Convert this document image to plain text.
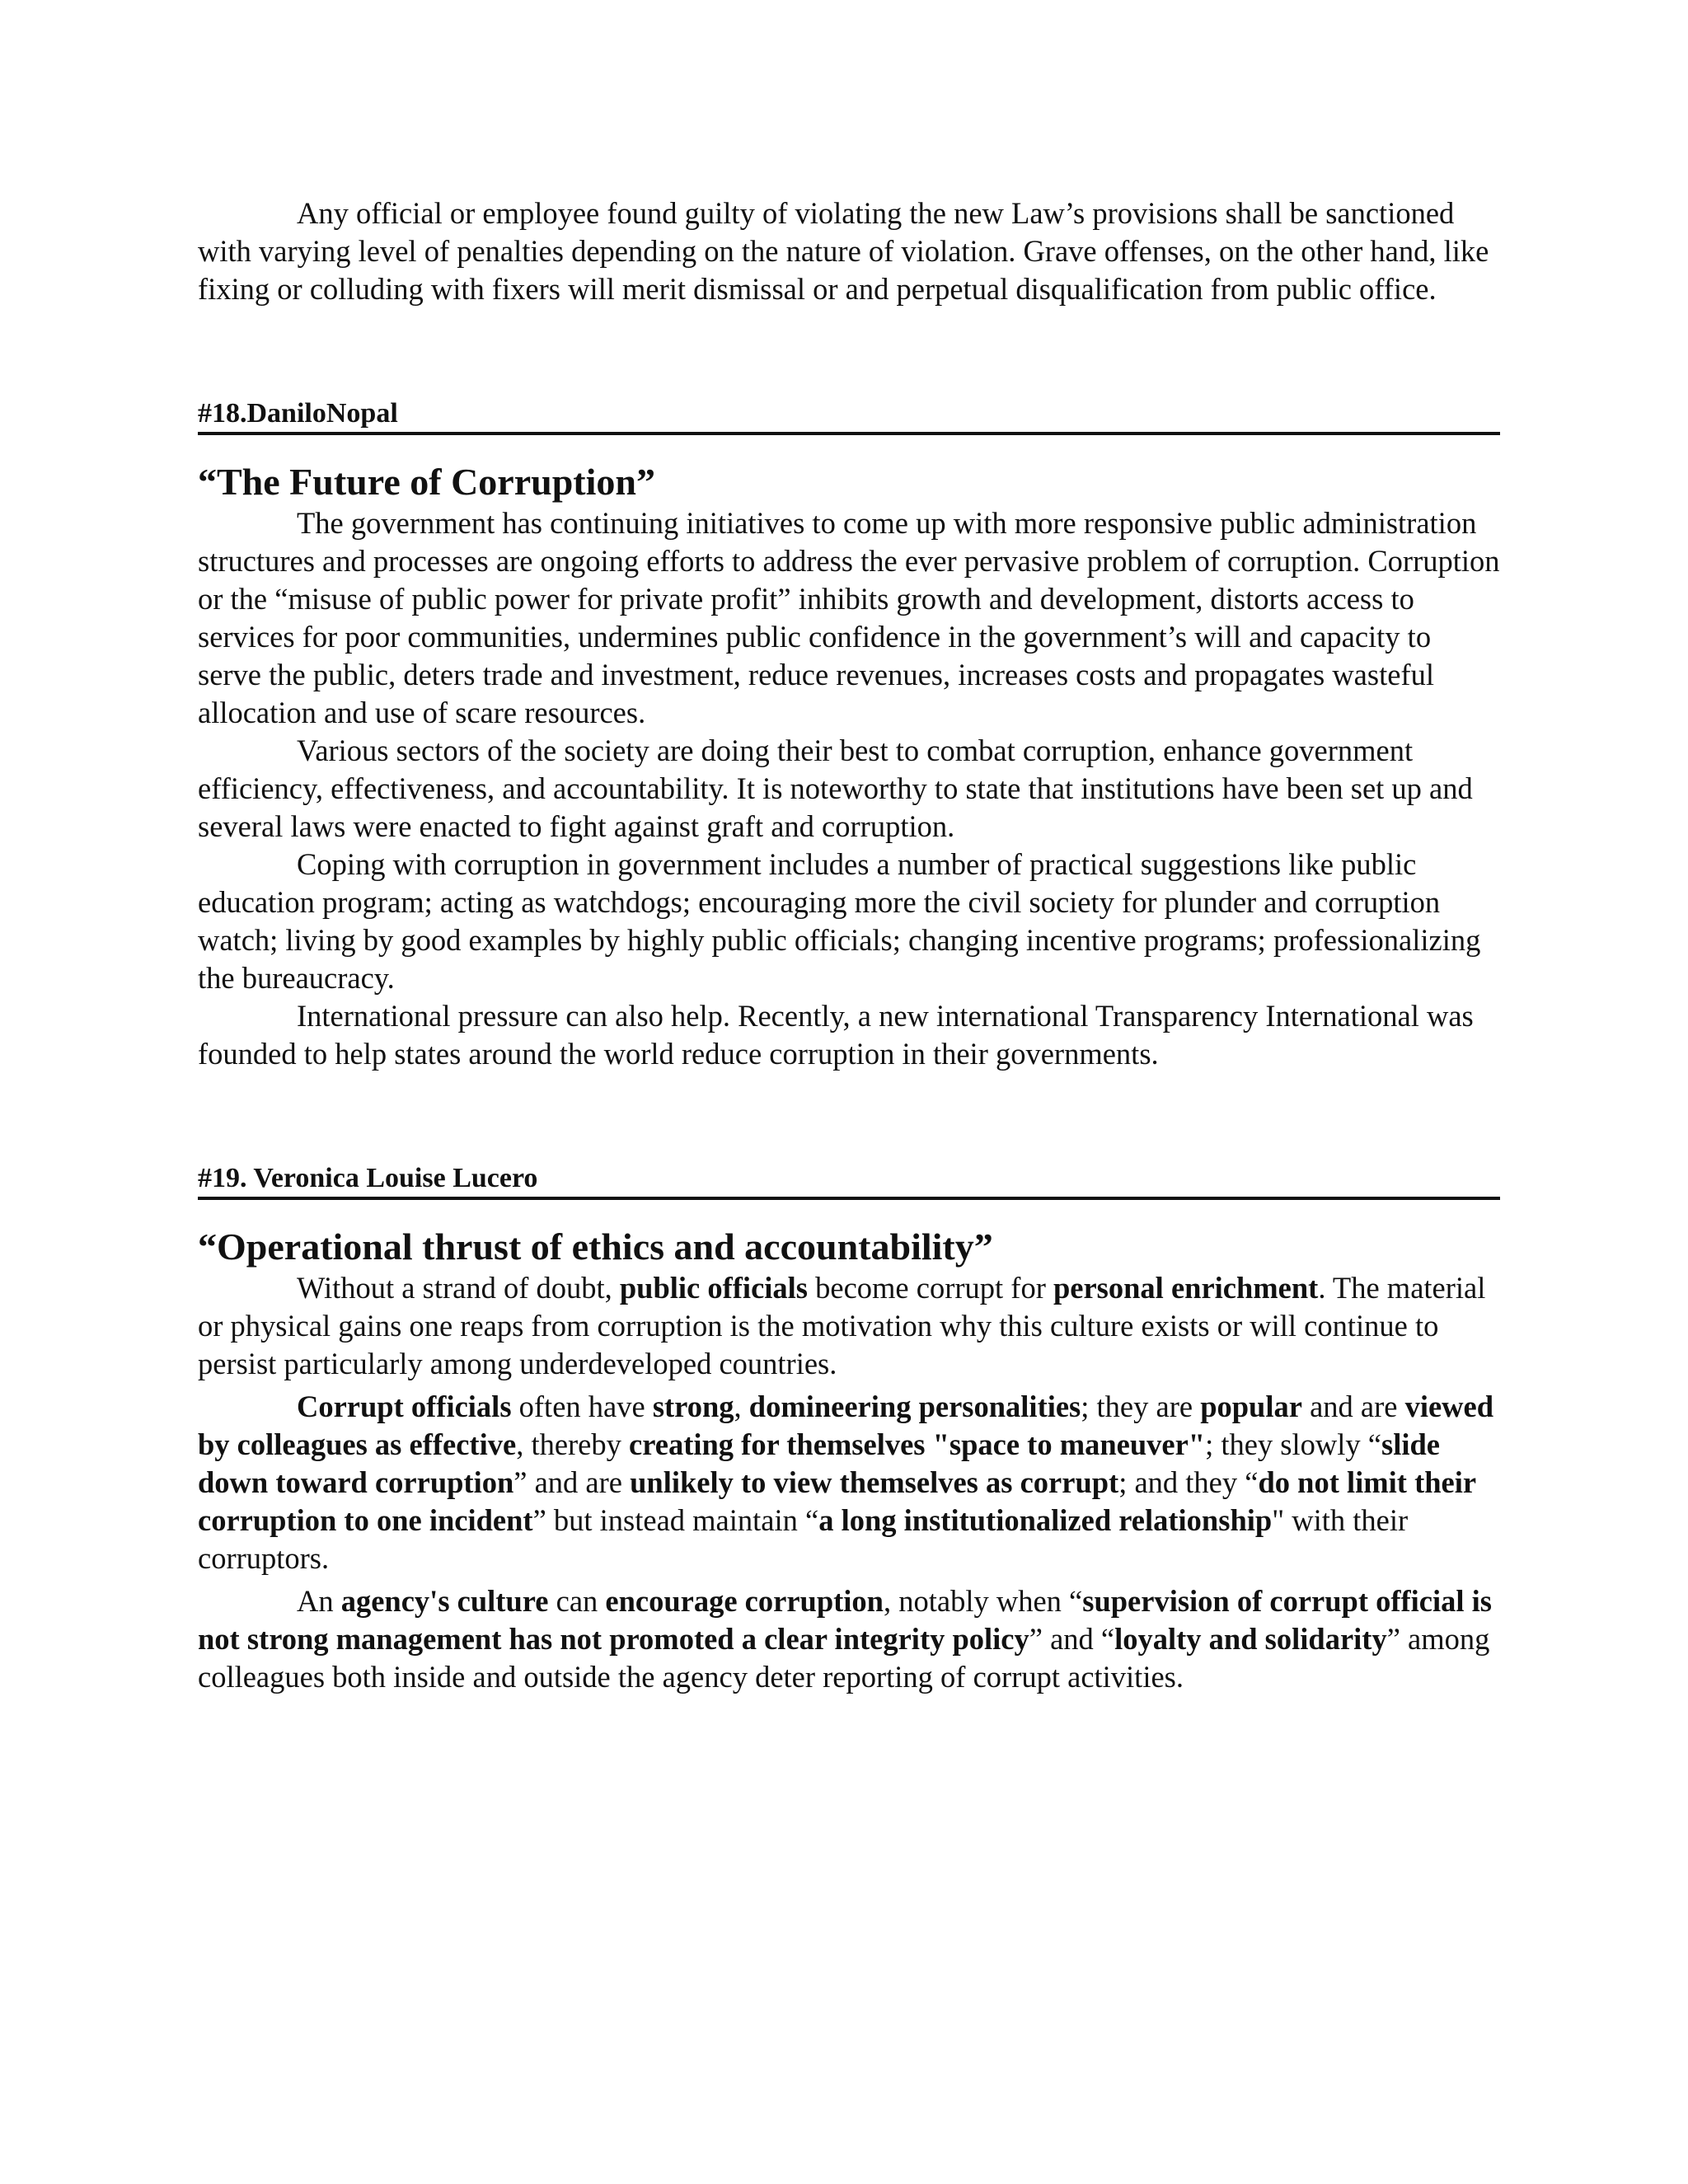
Any official or employee found guilty of violating the new Law’s provisions shall be sanctioned with varying level of penalties depending on the nature of violation. Grave offenses, on the other hand, like fixing or colluding with fixers will merit dismissal or and perpetual disqualification from public office.

#18.DaniloNopal

“The Future of Corruption”

The government has continuing initiatives to come up with more responsive public administration structures and processes are ongoing efforts to address the ever pervasive problem of corruption. Corruption or the “misuse of public power for private profit” inhibits growth and development, distorts access to services for poor communities, undermines public confidence in the government’s will and capacity to serve the public, deters trade and investment, reduce revenues, increases costs and propagates wasteful allocation and use of scare resources.

Various sectors of the society are doing their best to combat corruption, enhance government efficiency, effectiveness, and accountability. It is noteworthy to state that institutions have been set up and several laws were enacted to fight against graft and corruption.

Coping with corruption in government includes a number of practical suggestions like public education program; acting as watchdogs; encouraging more the civil society for plunder and corruption watch; living by good examples by highly public officials; changing incentive programs; professionalizing the bureaucracy.

International pressure can also help. Recently, a new international Transparency International was founded to help states around the world reduce corruption in their governments.

#19. Veronica Louise Lucero

“Operational thrust of ethics and accountability”

Without a strand of doubt, public officials become corrupt for personal enrichment. The material or physical gains one reaps from corruption is the motivation why this culture exists or will continue to persist particularly among underdeveloped countries.

Corrupt officials often have strong, domineering personalities; they are popular and are viewed by colleagues as effective, thereby creating for themselves "space to maneuver"; they slowly “slide down toward corruption” and are unlikely to view themselves as corrupt; and they “do not limit their corruption to one incident” but instead maintain “a long institutionalized relationship" with their corruptors.

An agency's culture can encourage corruption, notably when “supervision of corrupt official is not strong management has not promoted a clear integrity policy” and “loyalty and solidarity” among colleagues both inside and outside the agency deter reporting of corrupt activities.
